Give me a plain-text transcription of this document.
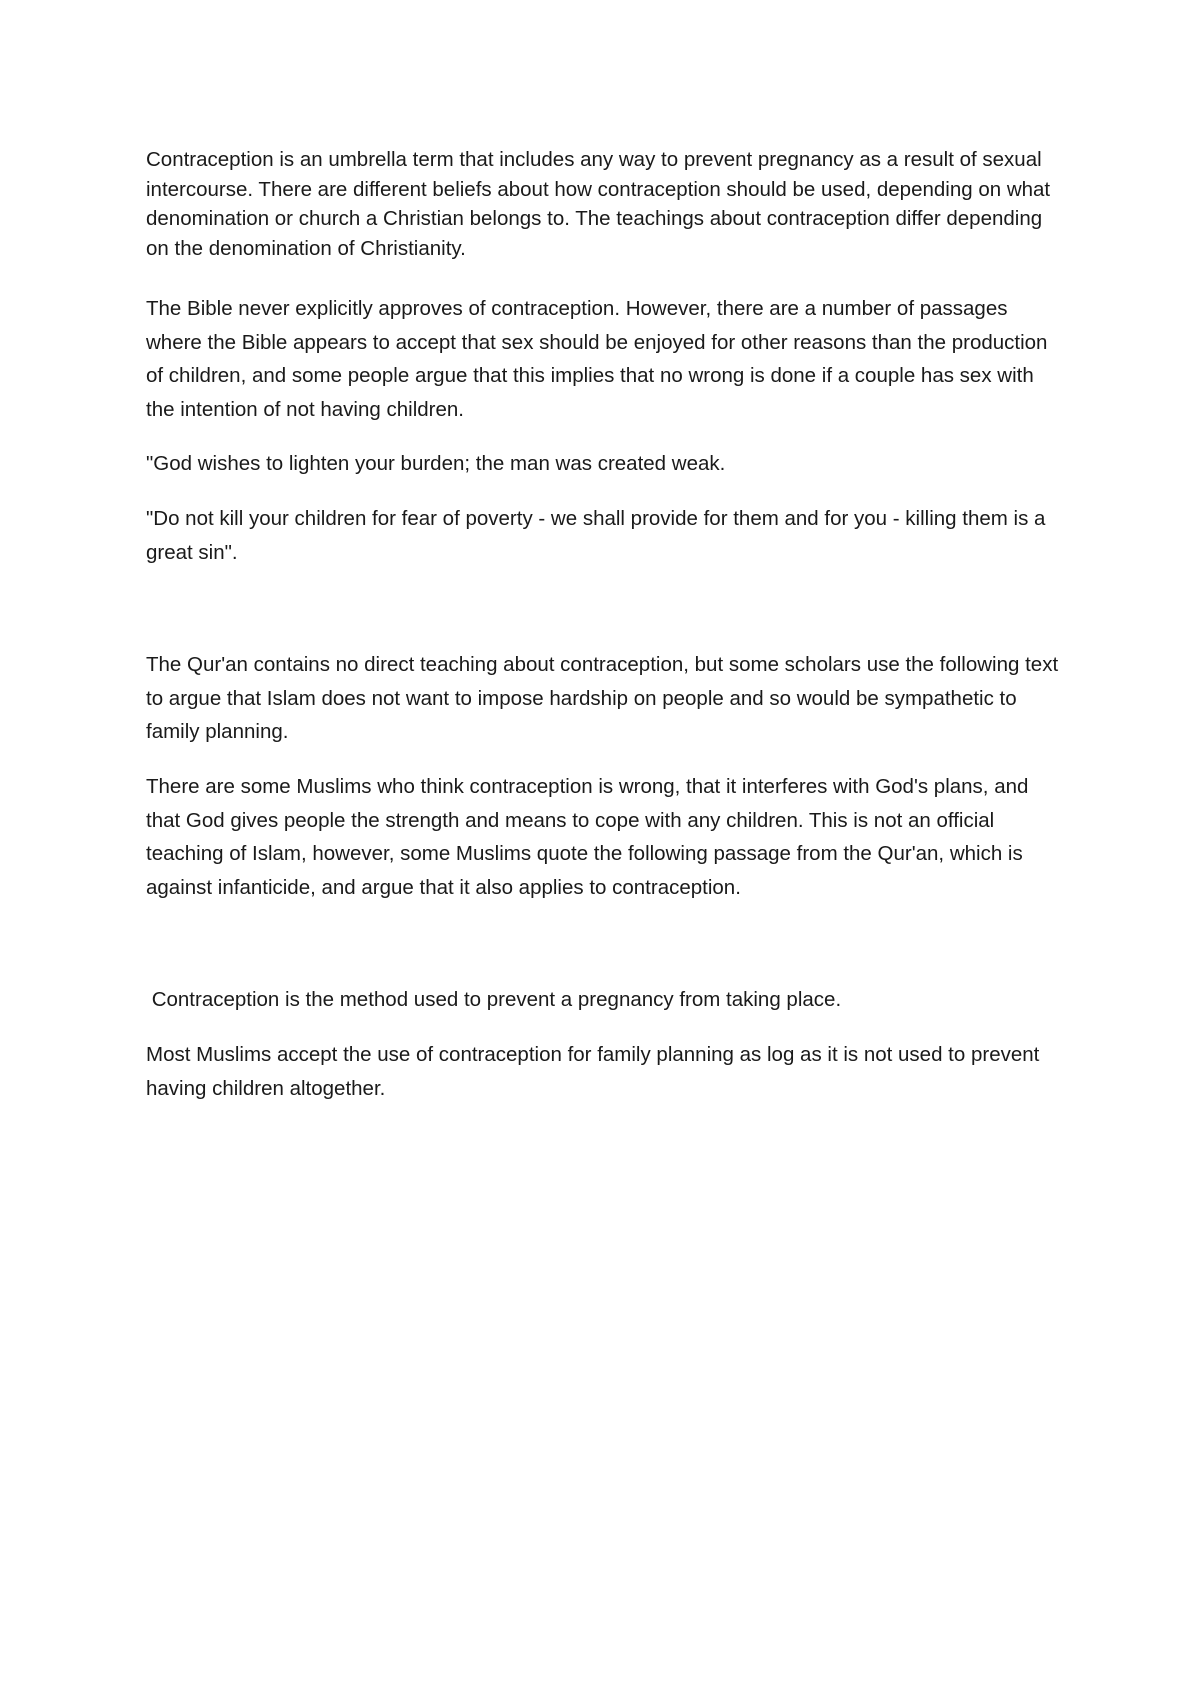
Contraception is an umbrella term that includes any way to prevent pregnancy as a result of sexual intercourse. There are different beliefs about how contraception should be used, depending on what denomination or church a Christian belongs to. The teachings about contraception differ depending on the denomination of Christianity.

The Bible never explicitly approves of contraception. However, there are a number of passages where the Bible appears to accept that sex should be enjoyed for other reasons than the production of children, and some people argue that this implies that no wrong is done if a couple has sex with the intention of not having children.

"God wishes to lighten your burden; the man was created weak.

"Do not kill your children for fear of poverty - we shall provide for them and for you - killing them is a great sin".

The Qur'an contains no direct teaching about contraception, but some scholars use the following text to argue that Islam does not want to impose hardship on people and so would be sympathetic to family planning.

There are some Muslims who think contraception is wrong, that it interferes with God's plans, and that God gives people the strength and means to cope with any children. This is not an official teaching of Islam, however, some Muslims quote the following passage from the Qur'an, which is against infanticide, and argue that it also applies to contraception.

Contraception is the method used to prevent a pregnancy from taking place.

Most Muslims accept the use of contraception for family planning as log as it is not used to prevent having children altogether.
